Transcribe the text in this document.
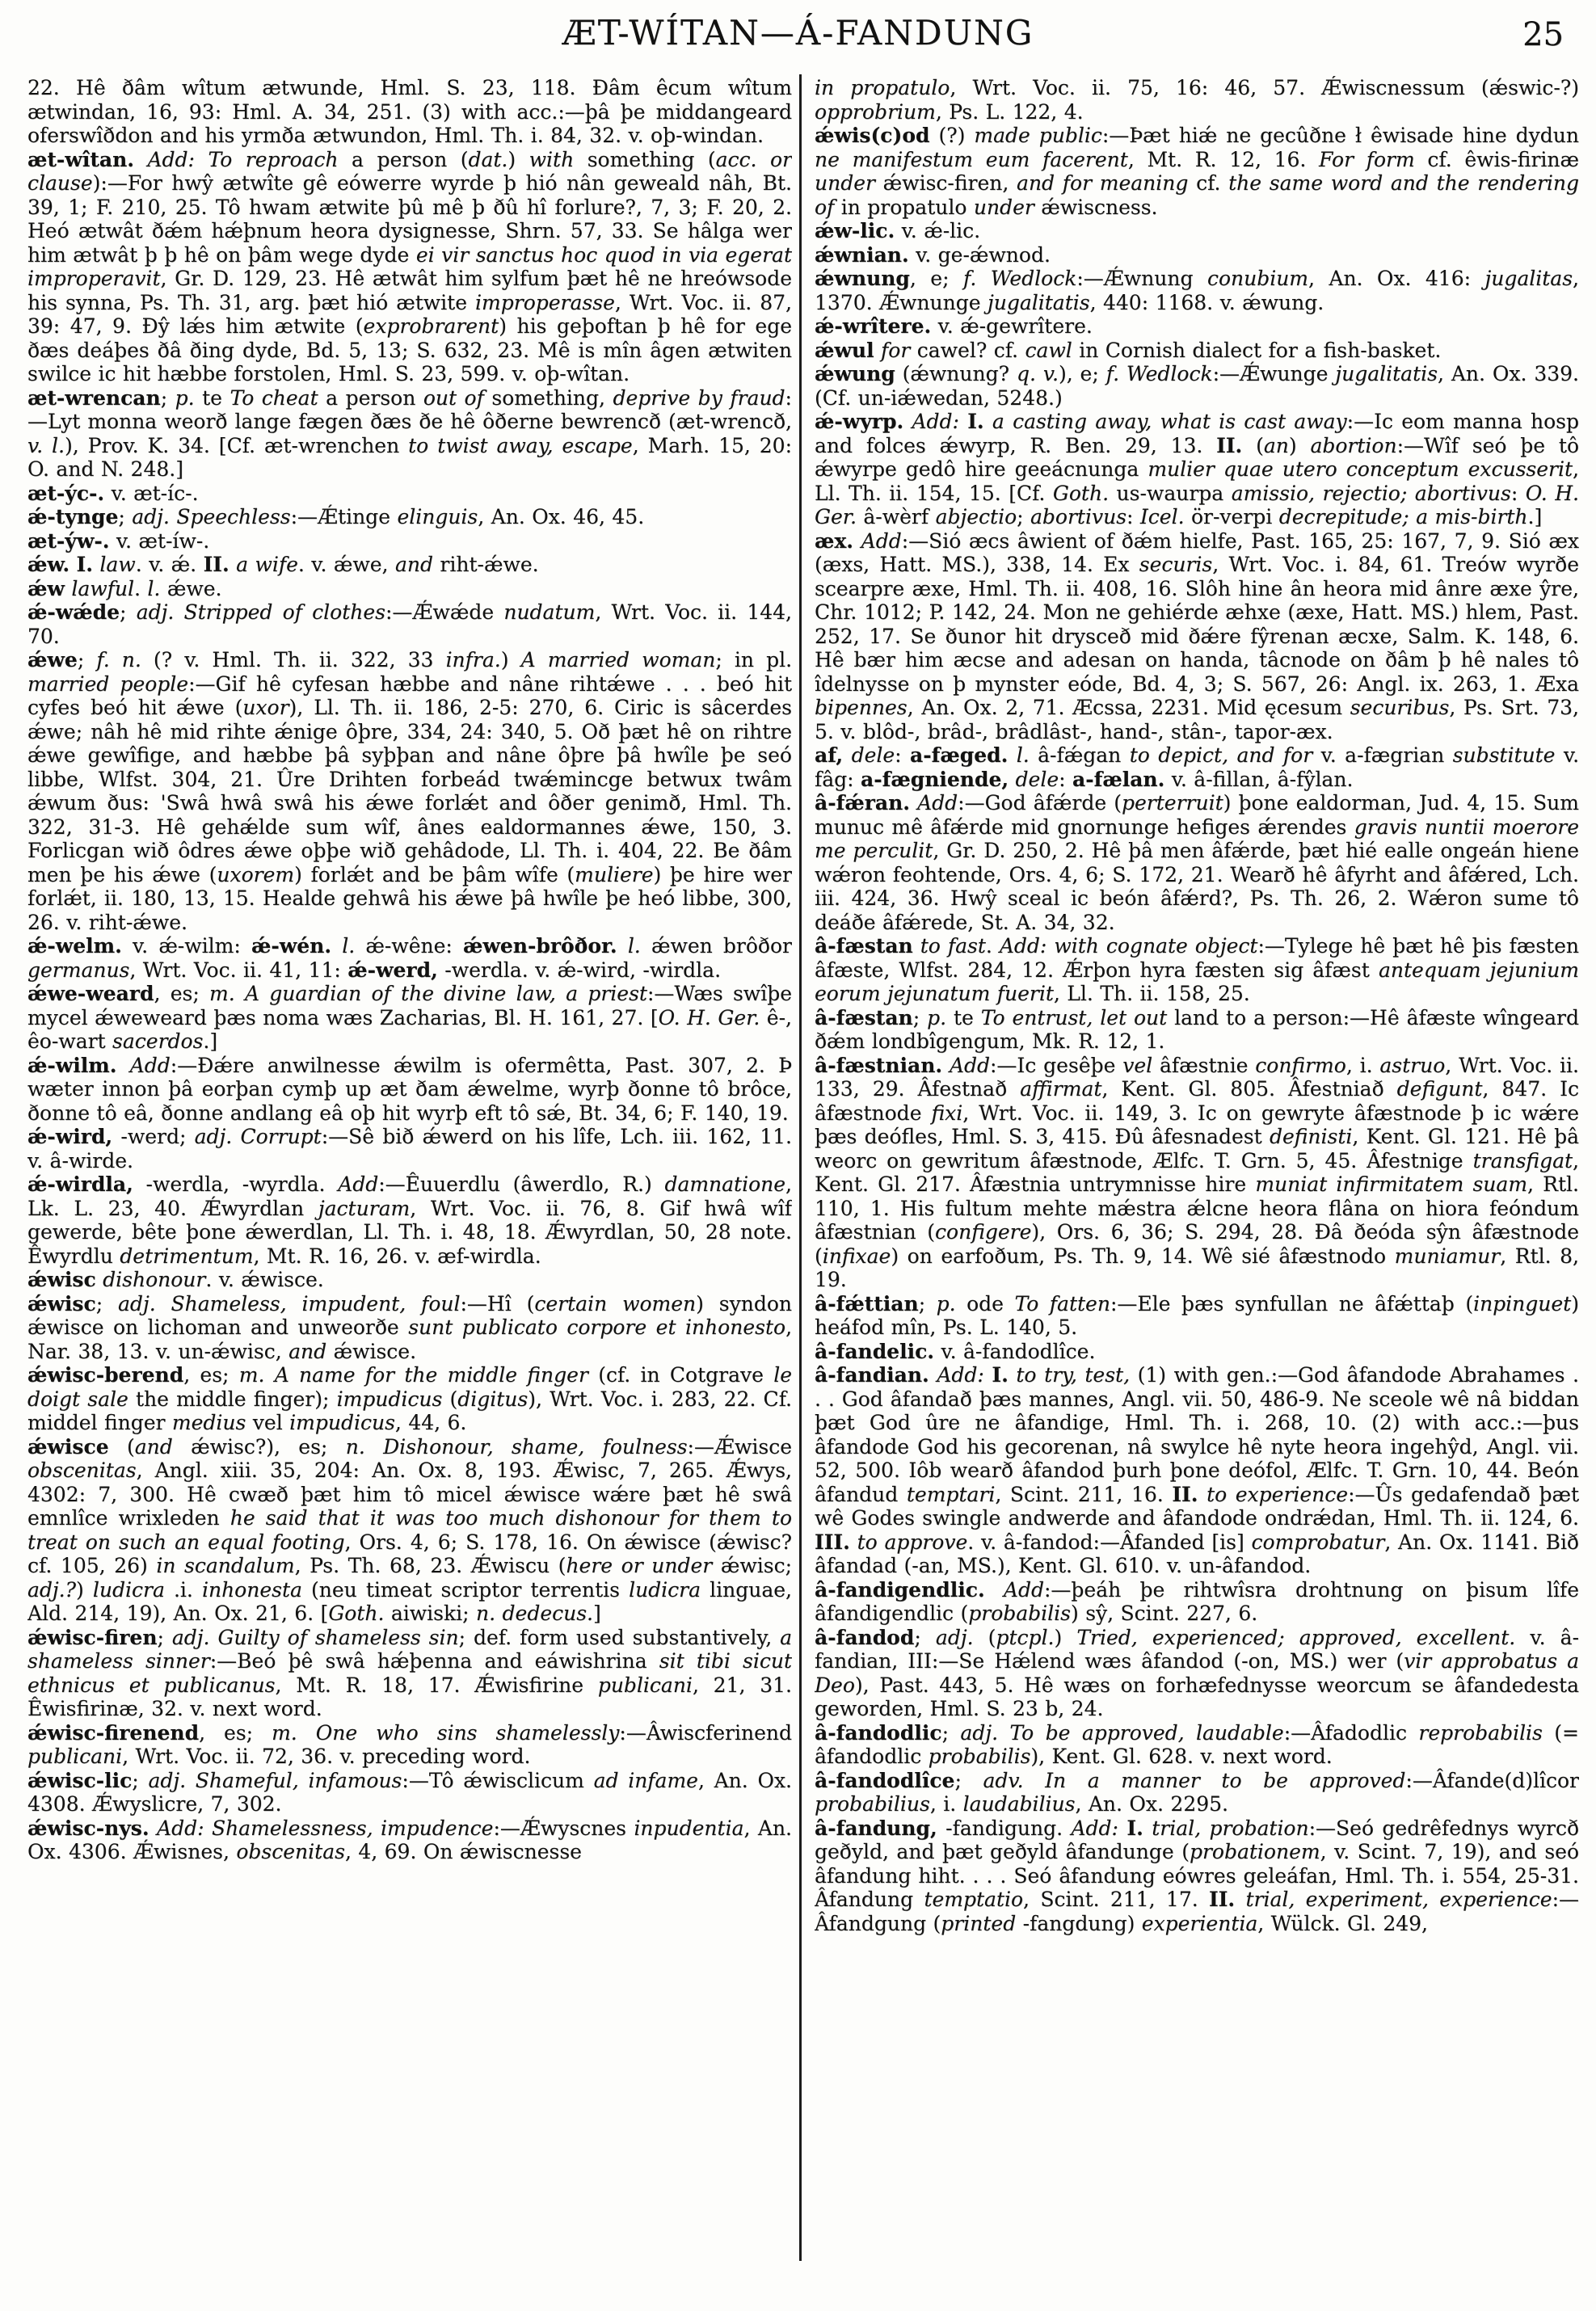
ÆT-WÍTAN—Á-FANDUNG	25

22. Hê ðâm wîtum ætwunde, Hml. S. 23, 118. Ðâm êcum wîtum ætwindan, 16, 93: Hml. A. 34, 251. (3) with acc.:—þâ þe middangeard oferswîðdon and his yrmða ætwundon, Hml. Th. i. 84, 32. v. oþ-windan.

æt-wîtan. Add: To reproach a person (dat.) with something (acc. or clause):—For hwŷ ætwîte gê eówerre wyrde þ hió nân geweald nâh, Bt. 39, 1; F. 210, 25. Tô hwam ætwite þû mê þ ðû hî forlure?, 7, 3; F. 20, 2. Heó ætwât ðǽm hǽþnum heora dysignesse, Shrn. 57, 33. Se hâlga wer him ætwât þ þ hê on þâm wege dyde ei vir sanctus hoc quod in via egerat improperavit, Gr. D. 129, 23. Hê ætwât him sylfum þæt hê ne hreówsode his synna, Ps. Th. 31, arg. þæt hió ætwite improperasse, Wrt. Voc. ii. 87, 39: 47, 9. Ðŷ lǽs him ætwite (exprobrarent) his geþoftan þ hê for ege ðæs deáþes ðâ ðing dyde, Bd. 5, 13; S. 632, 23. Mê is mîn âgen ætwiten swilce ic hit hæbbe forstolen, Hml. S. 23, 599. v. oþ-wîtan.

æt-wrencan; p. te To cheat a person out of something, deprive by fraud:—Lyt monna weorð lange fægen ðæs ðe hê ôðerne bewrencð (æt-wrencð, v. l.), Prov. K. 34. [Cf. æt-wrenchen to twist away, escape, Marh. 15, 20: O. and N. 248.]

æt-ýc-. v. æt-íc-.

ǽ-tynge; adj. Speechless:—Ǽtinge elinguis, An. Ox. 46, 45.

æt-ýw-. v. æt-íw-.

ǽw. I. law. v. ǽ. II. a wife. v. ǽwe, and riht-ǽwe.

ǽw lawful. l. ǽwe.

ǽ-wǽde; adj. Stripped of clothes:—Ǽwǽde nudatum, Wrt. Voc. ii. 144, 70.

ǽwe; f. n. (? v. Hml. Th. ii. 322, 33 infra.) A married woman; in pl. married people:—Gif hê cyfesan hæbbe and nâne rihtǽwe . . . beó hit cyfes beó hit ǽwe (uxor), Ll. Th. ii. 186, 2-5: 270, 6. Ciric is sâcerdes ǽwe; nâh hê mid rihte ǽnige ôþre, 334, 24: 340, 5. Oð þæt hê on rihtre ǽwe gewîfige, and hæbbe þâ syþþan and nâne ôþre þâ hwîle þe seó libbe, Wlfst. 304, 21. Ûre Drihten forbeád twǽmincge betwux twâm ǽwum ðus: 'Swâ hwâ swâ his ǽwe forlǽt and ôðer genimð, Hml. Th. 322, 31-3. Hê gehǽlde sum wîf, ânes ealdormannes ǽwe, 150, 3. Forlicgan wið ôdres ǽwe oþþe wið gehâdode, Ll. Th. i. 404, 22. Be ðâm men þe his ǽwe (uxorem) forlǽt and be þâm wîfe (muliere) þe hire wer forlǽt, ii. 180, 13, 15. Healde gehwâ his ǽwe þâ hwîle þe heó libbe, 300, 26. v. riht-ǽwe.

ǽ-welm. v. ǽ-wilm: ǽ-wén. l. ǽ-wêne: ǽwen-brôðor. l. ǽwen brôðor germanus, Wrt. Voc. ii. 41, 11: ǽ-werd, -werdla. v. ǽ-wird, -wirdla.

ǽwe-weard, es; m. A guardian of the divine law, a priest:—Wæs swîþe mycel ǽweweard þæs noma wæs Zacharias, Bl. H. 161, 27. [O. H. Ger. ê-, êo-wart sacerdos.]

ǽ-wilm. Add:—Ðǽre anwilnesse ǽwilm is ofermêtta, Past. 307, 2. Þ wæter innon þâ eorþan cymþ up æt ðam ǽwelme, wyrþ ðonne tô brôce, ðonne tô eâ, ðonne andlang eâ oþ hit wyrþ eft tô sǽ, Bt. 34, 6; F. 140, 19.

ǽ-wird, -werd; adj. Corrupt:—Sê bið ǽwerd on his lîfe, Lch. iii. 162, 11. v. â-wirde.

ǽ-wirdla, -werdla, -wyrdla. Add:—Êuuerdlu (âwerdlo, R.) damnatione, Lk. L. 23, 40. Ǽwyrdlan jacturam, Wrt. Voc. ii. 76, 8. Gif hwâ wîf gewerde, bête þone ǽwerdlan, Ll. Th. i. 48, 18. Ǽwyrdlan, 50, 28 note. Êwyrdlu detrimentum, Mt. R. 16, 26. v. æf-wirdla.

ǽwisc dishonour. v. ǽwisce.

ǽwisc; adj. Shameless, impudent, foul:—Hî (certain women) syndon ǽwisce on lichoman and unweorðe sunt publicato corpore et inhonesto, Nar. 38, 13. v. un-ǽwisc, and ǽwisce.

ǽwisc-berend, es; m. A name for the middle finger (cf. in Cotgrave le doigt sale the middle finger); impudicus (digitus), Wrt. Voc. i. 283, 22. Cf. middel finger medius vel impudicus, 44, 6.

ǽwisce (and ǽwisc?), es; n. Dishonour, shame, foulness:—Ǽwisce obscenitas, Angl. xiii. 35, 204: An. Ox. 8, 193. Ǽwisc, 7, 265. Ǽwys, 4302: 7, 300. Hê cwæð þæt him tô micel ǽwisce wǽre þæt hê swâ emnlîce wrixleden he said that it was too much dishonour for them to treat on such an equal footing, Ors. 4, 6; S. 178, 16. On ǽwisce (ǽwisc? cf. 105, 26) in scandalum, Ps. Th. 68, 23. Ǽwiscu (here or under ǽwisc; adj.?) ludicra .i. inhonesta (neu timeat scriptor terrentis ludicra linguae, Ald. 214, 19), An. Ox. 21, 6. [Goth. aiwiski; n. dedecus.]

ǽwisc-firen; adj. Guilty of shameless sin; def. form used substantively, a shameless sinner:—Beó þê swâ hǽþenna and eáwishrina sit tibi sicut ethnicus et publicanus, Mt. R. 18, 17. Ǽwisfirine publicani, 21, 31. Êwisfirinæ, 32. v. next word.

ǽwisc-firenend, es; m. One who sins shamelessly:—Âwiscferinend publicani, Wrt. Voc. ii. 72, 36. v. preceding word.

ǽwisc-lic; adj. Shameful, infamous:—Tô ǽwisclicum ad infame, An. Ox. 4308. Ǽwyslicre, 7, 302.

ǽwisc-nys. Add: Shamelessness, impudence:—Ǽwyscnes inpudentia, An. Ox. 4306. Ǽwisnes, obscenitas, 4, 69. On ǽwiscnesse

in propatulo, Wrt. Voc. ii. 75, 16: 46, 57. Ǽwiscnessum (ǽswic-?) opprobrium, Ps. L. 122, 4.

ǽwis(c)od (?) made public:—Þæt hiǽ ne gecûðne ł êwisade hine dydun ne manifestum eum facerent, Mt. R. 12, 16. For form cf. êwis-firinæ under ǽwisc-firen, and for meaning cf. the same word and the rendering of in propatulo under ǽwiscness.

ǽw-lic. v. ǽ-lic.

ǽwnian. v. ge-ǽwnod.

ǽwnung, e; f. Wedlock:—Ǽwnung conubium, An. Ox. 416: jugalitas, 1370. Ǽwnunge jugalitatis, 440: 1168. v. ǽwung.

ǽ-wrîtere. v. ǽ-gewrîtere.

ǽwul for cawel? cf. cawl in Cornish dialect for a fish-basket.

ǽwung (ǽwnung? q. v.), e; f. Wedlock:—Ǽwunge jugalitatis, An. Ox. 339. (Cf. un-iǽwedan, 5248.)

ǽ-wyrp. Add: I. a casting away, what is cast away:—Ic eom manna hosp and folces ǽwyrp, R. Ben. 29, 13. II. (an) abortion:—Wîf seó þe tô ǽwyrpe gedô hire geeácnunga mulier quae utero conceptum excusserit, Ll. Th. ii. 154, 15. [Cf. Goth. us-waurpa amissio, rejectio; abortivus: O. H. Ger. â-wèrf abjectio; abortivus: Icel. ör-verpi decrepitude; a mis-birth.]

æx. Add:—Sió æcs âwient of ðǽm hielfe, Past. 165, 25: 167, 7, 9. Sió æx (æxs, Hatt. MS.), 338, 14. Ex securis, Wrt. Voc. i. 84, 61. Treów wyrðe scearpre æxe, Hml. Th. ii. 408, 16. Slôh hine ân heora mid ânre æxe ŷre, Chr. 1012; P. 142, 24. Mon ne gehiérde æhxe (æxe, Hatt. MS.) hlem, Past. 252, 17. Se ðunor hit drysceð mid ðǽre fŷrenan æcxe, Salm. K. 148, 6. Hê bær him æcse and adesan on handa, tâcnode on ðâm þ hê nales tô îdelnysse on þ mynster eóde, Bd. 4, 3; S. 567, 26: Angl. ix. 263, 1. Æxa bipennes, An. Ox. 2, 71. Æcssa, 2231. Mid ęcesum securibus, Ps. Srt. 73, 5. v. blôd-, brâd-, brâdlâst-, hand-, stân-, tapor-æx.

af, dele: a-fæged. l. â-fǽgan to depict, and for v. a-fægrian substitute v. fâg: a-fægniende, dele: a-fælan. v. â-fillan, â-fŷlan.

â-fǽran. Add:—God âfǽrde (perterruit) þone ealdorman, Jud. 4, 15. Sum munuc mê âfǽrde mid gnornunge hefiges ǽrendes gravis nuntii moerore me perculit, Gr. D. 250, 2. Hê þâ men âfǽrde, þæt hié ealle ongeán hiene wǽron feohtende, Ors. 4, 6; S. 172, 21. Wearð hê âfyrht and âfǽred, Lch. iii. 424, 36. Hwŷ sceal ic beón âfǽrd?, Ps. Th. 26, 2. Wǽron sume tô deáðe âfǽrede, St. A. 34, 32.

â-fæstan to fast. Add: with cognate object:—Tylege hê þæt hê þis fæsten âfæste, Wlfst. 284, 12. Ǽrþon hyra fæsten sig âfæst antequam jejunium eorum jejunatum fuerit, Ll. Th. ii. 158, 25.

â-fæstan; p. te To entrust, let out land to a person:—Hê âfæste wîngeard ðǽm londbîgengum, Mk. R. 12, 1.

â-fæstnian. Add:—Ic gesêþe vel âfæstnie confirmo, i. astruo, Wrt. Voc. ii. 133, 29. Âfestnað affirmat, Kent. Gl. 805. Âfestniað defigunt, 847. Ic âfæstnode fixi, Wrt. Voc. ii. 149, 3. Ic on gewryte âfæstnode þ ic wǽre þæs deófles, Hml. S. 3, 415. Ðû âfesnadest definisti, Kent. Gl. 121. Hê þâ weorc on gewritum âfæstnode, Ælfc. T. Grn. 5, 45. Âfestnige transfigat, Kent. Gl. 217. Âfæstnia untrymnisse hire muniat infirmitatem suam, Rtl. 110, 1. His fultum mehte mǽstra ǽlcne heora flâna on hiora feóndum âfæstnian (configere), Ors. 6, 36; S. 294, 28. Ðâ ðeóda sŷn âfæstnode (infixae) on earfoðum, Ps. Th. 9, 14. Wê sié âfæstnodo muniamur, Rtl. 8, 19.

â-fǽttian; p. ode To fatten:—Ele þæs synfullan ne âfǽttaþ (inpinguet) heáfod mîn, Ps. L. 140, 5.

â-fandelic. v. â-fandodlîce.

â-fandian. Add: I. to try, test, (1) with gen.:—God âfandode Abrahames . . . God âfandað þæs mannes, Angl. vii. 50, 486-9. Ne sceole wê nâ biddan þæt God ûre ne âfandige, Hml. Th. i. 268, 10. (2) with acc.:—þus âfandode God his gecorenan, nâ swylce hê nyte heora ingehŷd, Angl. vii. 52, 500. Iôb wearð âfandod þurh þone deófol, Ælfc. T. Grn. 10, 44. Beón âfandud temptari, Scint. 211, 16. II. to experience:—Ûs gedafendað þæt wê Godes swingle andwerde and âfandode ondrǽdan, Hml. Th. ii. 124, 6. III. to approve. v. â-fandod:—Âfanded [is] comprobatur, An. Ox. 1141. Bið âfandad (-an, MS.), Kent. Gl. 610. v. un-âfandod.

â-fandigendlic. Add:—þeáh þe rihtwîsra drohtnung on þisum lîfe âfandigendlic (probabilis) sŷ, Scint. 227, 6.

â-fandod; adj. (ptcpl.) Tried, experienced; approved, excellent. v. â-fandian, III:—Se Hǽlend wæs âfandod (-on, MS.) wer (vir approbatus a Deo), Past. 443, 5. Hê wæs on forhæfednysse weorcum se âfandedesta geworden, Hml. S. 23 b, 24.

â-fandodlic; adj. To be approved, laudable:—Âfadodlic reprobabilis (= âfandodlic probabilis), Kent. Gl. 628. v. next word.

â-fandodlîce; adv. In a manner to be approved:—Âfande(d)lîcor probabilius, i. laudabilius, An. Ox. 2295.

â-fandung, -fandigung. Add: I. trial, probation:—Seó gedrêfednys wyrcð geðyld, and þæt geðyld âfandunge (probationem, v. Scint. 7, 19), and seó âfandung hiht. . . . Seó âfandung eówres geleáfan, Hml. Th. i. 554, 25-31. Âfandung temptatio, Scint. 211, 17. II. trial, experiment, experience:—Âfandgung (printed -fangdung) experientia, Wülck. Gl. 249,
